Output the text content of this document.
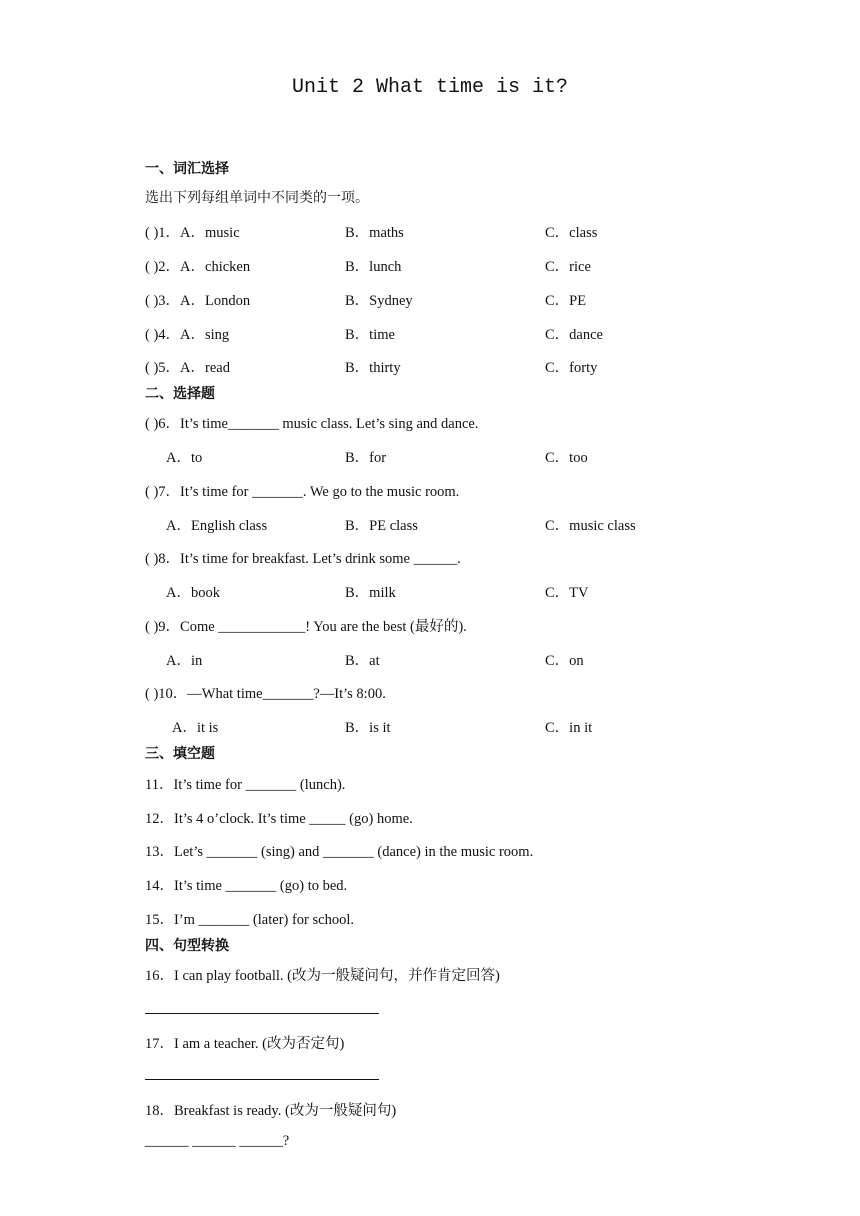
Unit 2 What time is it?
一、词汇选择
选出下列每组单词中不同类的一项。
( )1．A．music	B．maths	C．class
( )2．A．chicken	B．lunch	C．rice
( )3．A．London	B．Sydney	C．PE
( )4．A．sing	B．time	C．dance
( )5．A．read	B．thirty	C．forty
二、选择题
( )6．It’s time_______ music class. Let’s sing and dance.
A．to	B．for	C．too
( )7．It’s time for _______. We go to the music room.
A．English class	B．PE class	C．music class
( )8．It’s time for breakfast. Let’s drink some ______.
A．book	B．milk	C．TV
( )9．Come ____________! You are the best (最好的).
A．in	B．at	C．on
( )10．—What time_______?—It’s 8:00.
A．it is	B．is it	C．in it
三、填空题
11．It’s time for _______ (lunch).
12．It’s 4 o’clock. It’s time _____ (go) home.
13．Let’s _______ (sing) and _______ (dance) in the music room.
14．It’s time _______ (go) to bed.
15．I’m _______ (later) for school.
四、句型转换
16．I can play football. (改为一般疑问句，并作肯定回答)
17．I am a teacher. (改为否定句)
18．Breakfast is ready. (改为一般疑问句)
______ ______ ______?
